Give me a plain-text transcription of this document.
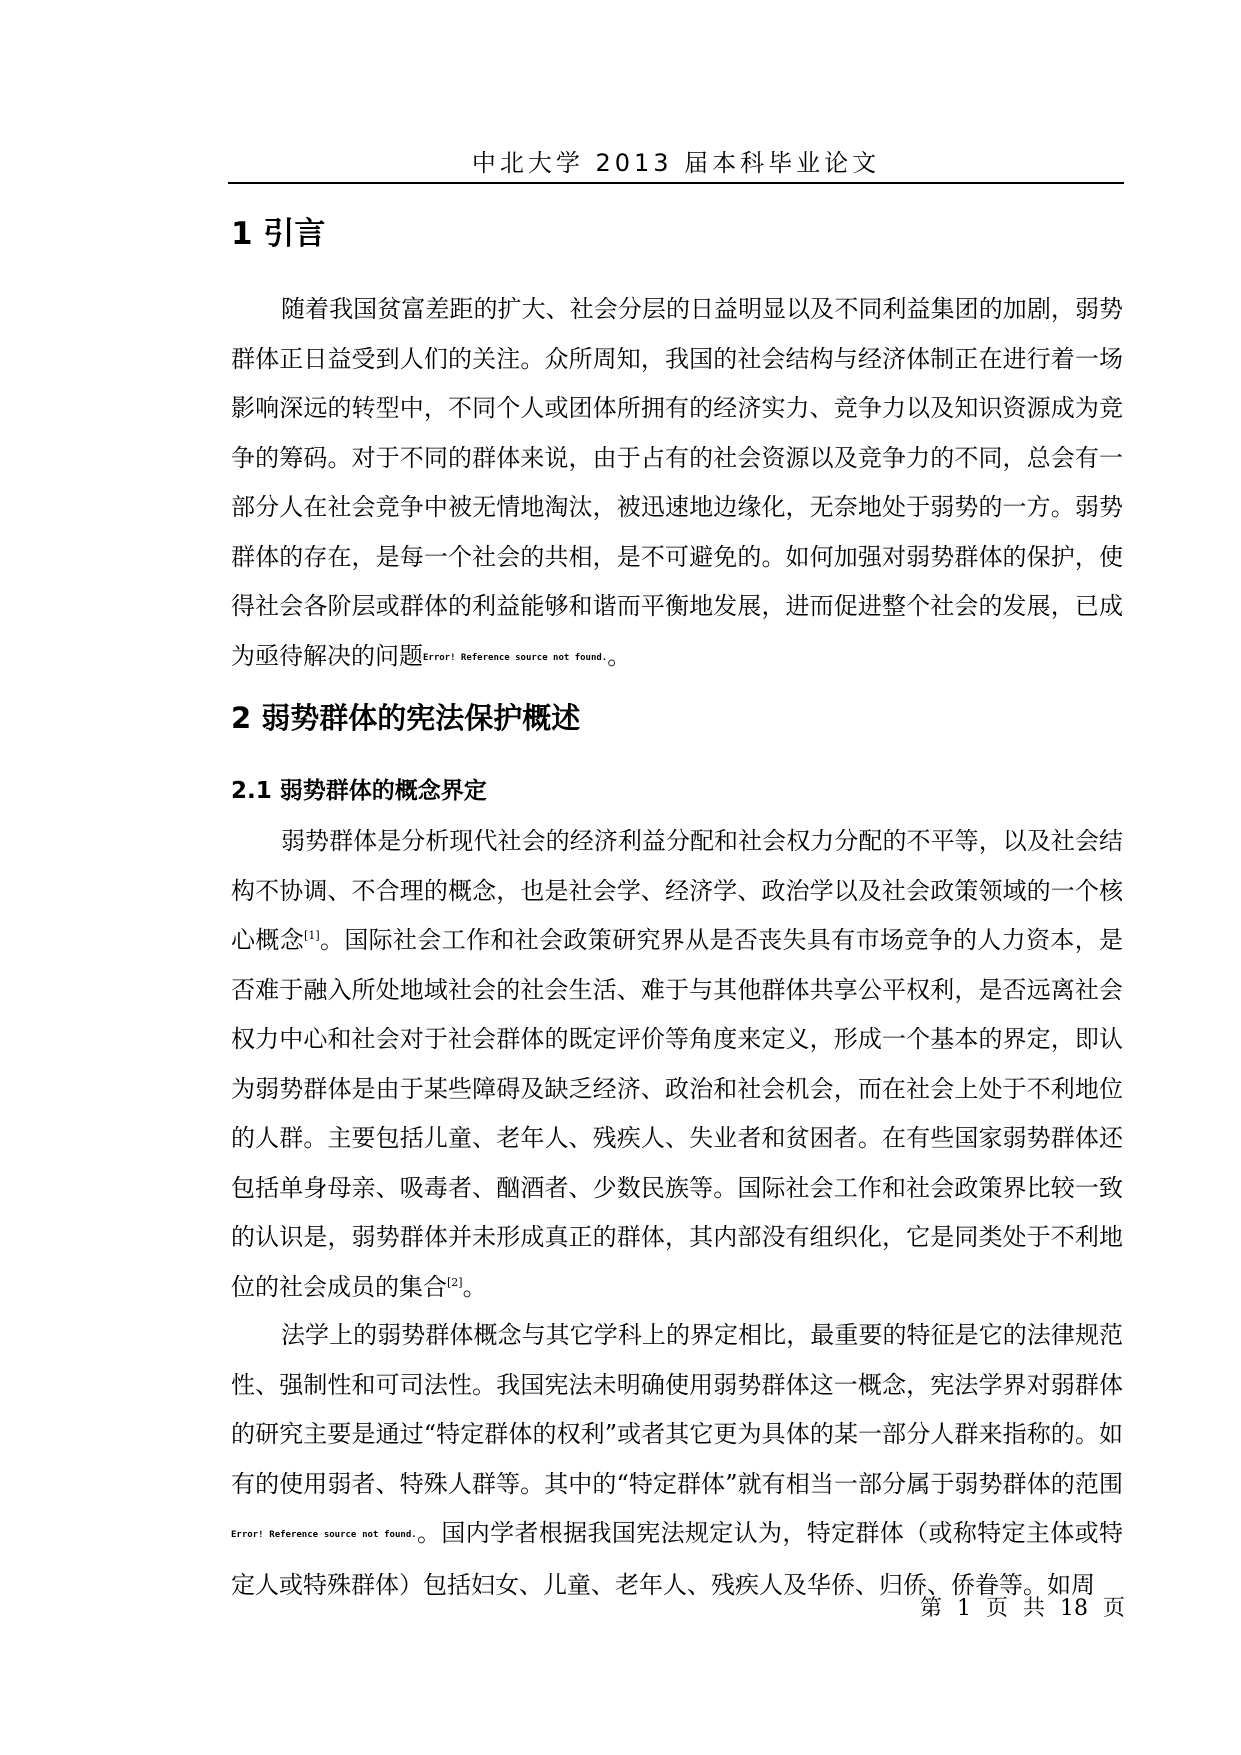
中北大学 2013 届本科毕业论文
1 引言

随着我国贫富差距的扩大、社会分层的日益明显以及不同利益集团的加剧，弱势群体正日益受到人们的关注。众所周知，我国的社会结构与经济体制正在进行着一场影响深远的转型中，不同个人或团体所拥有的经济实力、竞争力以及知识资源成为竞争的筹码。对于不同的群体来说，由于占有的社会资源以及竞争力的不同，总会有一部分人在社会竞争中被无情地淘汰，被迅速地边缘化，无奈地处于弱势的一方。弱势群体的存在，是每一个社会的共相，是不可避免的。如何加强对弱势群体的保护，使得社会各阶层或群体的利益能够和谐而平衡地发展，进而促进整个社会的发展，已成为亟待解决的问题Error! Reference source not found.。

2 弱势群体的宪法保护概述
2.1 弱势群体的概念界定

弱势群体是分析现代社会的经济利益分配和社会权力分配的不平等，以及社会结构不协调、不合理的概念，也是社会学、经济学、政治学以及社会政策领域的一个核心概念[1]。国际社会工作和社会政策研究界从是否丧失具有市场竞争的人力资本，是否难于融入所处地域社会的社会生活、难于与其他群体共享公平权利，是否远离社会权力中心和社会对于社会群体的既定评价等角度来定义，形成一个基本的界定，即认为弱势群体是由于某些障碍及缺乏经济、政治和社会机会，而在社会上处于不利地位的人群。主要包括儿童、老年人、残疾人、失业者和贫困者。在有些国家弱势群体还包括单身母亲、吸毒者、酗酒者、少数民族等。国际社会工作和社会政策界比较一致的认识是，弱势群体并未形成真正的群体，其内部没有组织化，它是同类处于不利地位的社会成员的集合[2]。

法学上的弱势群体概念与其它学科上的界定相比，最重要的特征是它的法律规范性、强制性和可司法性。我国宪法未明确使用弱势群体这一概念，宪法学界对弱群体的研究主要是通过“特定群体的权利”或者其它更为具体的某一部分人群来指称的。如有的使用弱者、特殊人群等。其中的“特定群体”就有相当一部分属于弱势群体的范围Error! Reference source not found.。国内学者根据我国宪法规定认为，特定群体（或称特定主体或特定人或特殊群体）包括妇女、儿童、老年人、残疾人及华侨、归侨、侨眷等。如周

第 1 页 共 18 页
